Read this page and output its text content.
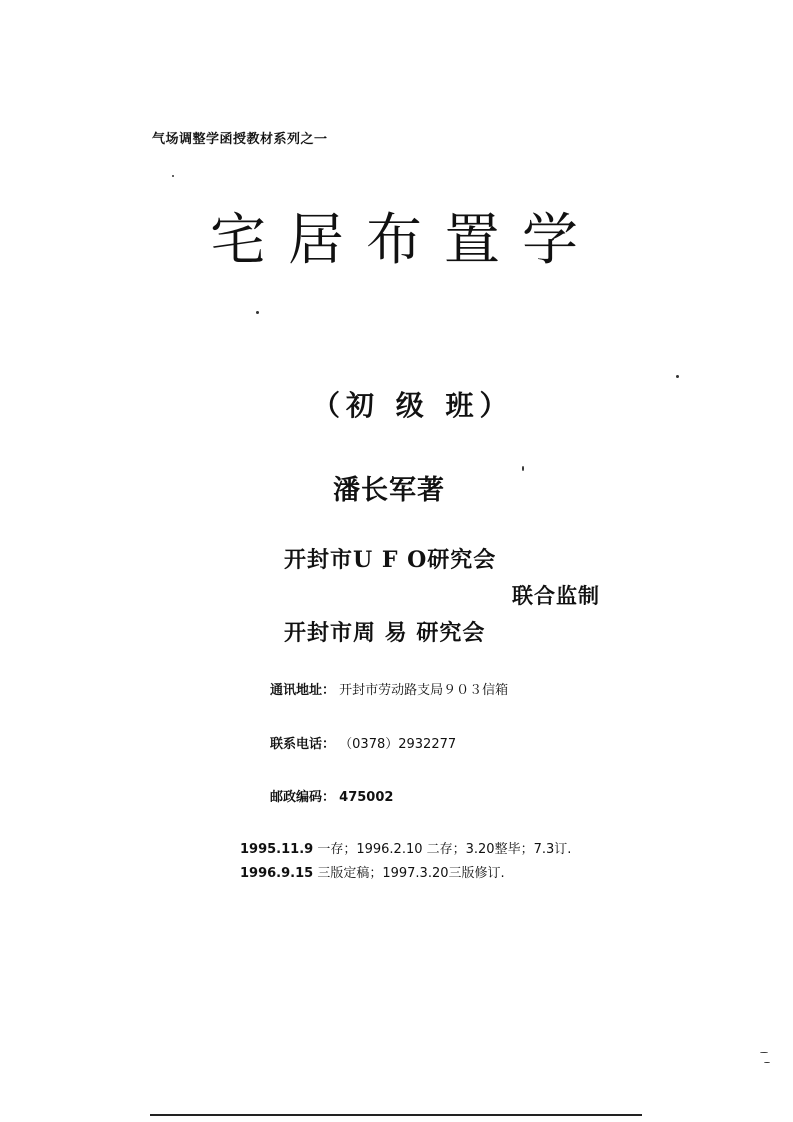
气场调整学函授教材系列之一
宅居布置学
（初 级 班）
潘长军著
开封市U F O研究会
联合监制
开封市周 易 研究会
通讯地址： 开封市劳动路支局９０３信箱
联系电话： （0378）2932277
邮政编码： 475002
1995.11.9 一存；1996.2.10 二存；3.20整毕；7.3订.
1996.9.15 三版定稿；1997.3.20三版修订.
